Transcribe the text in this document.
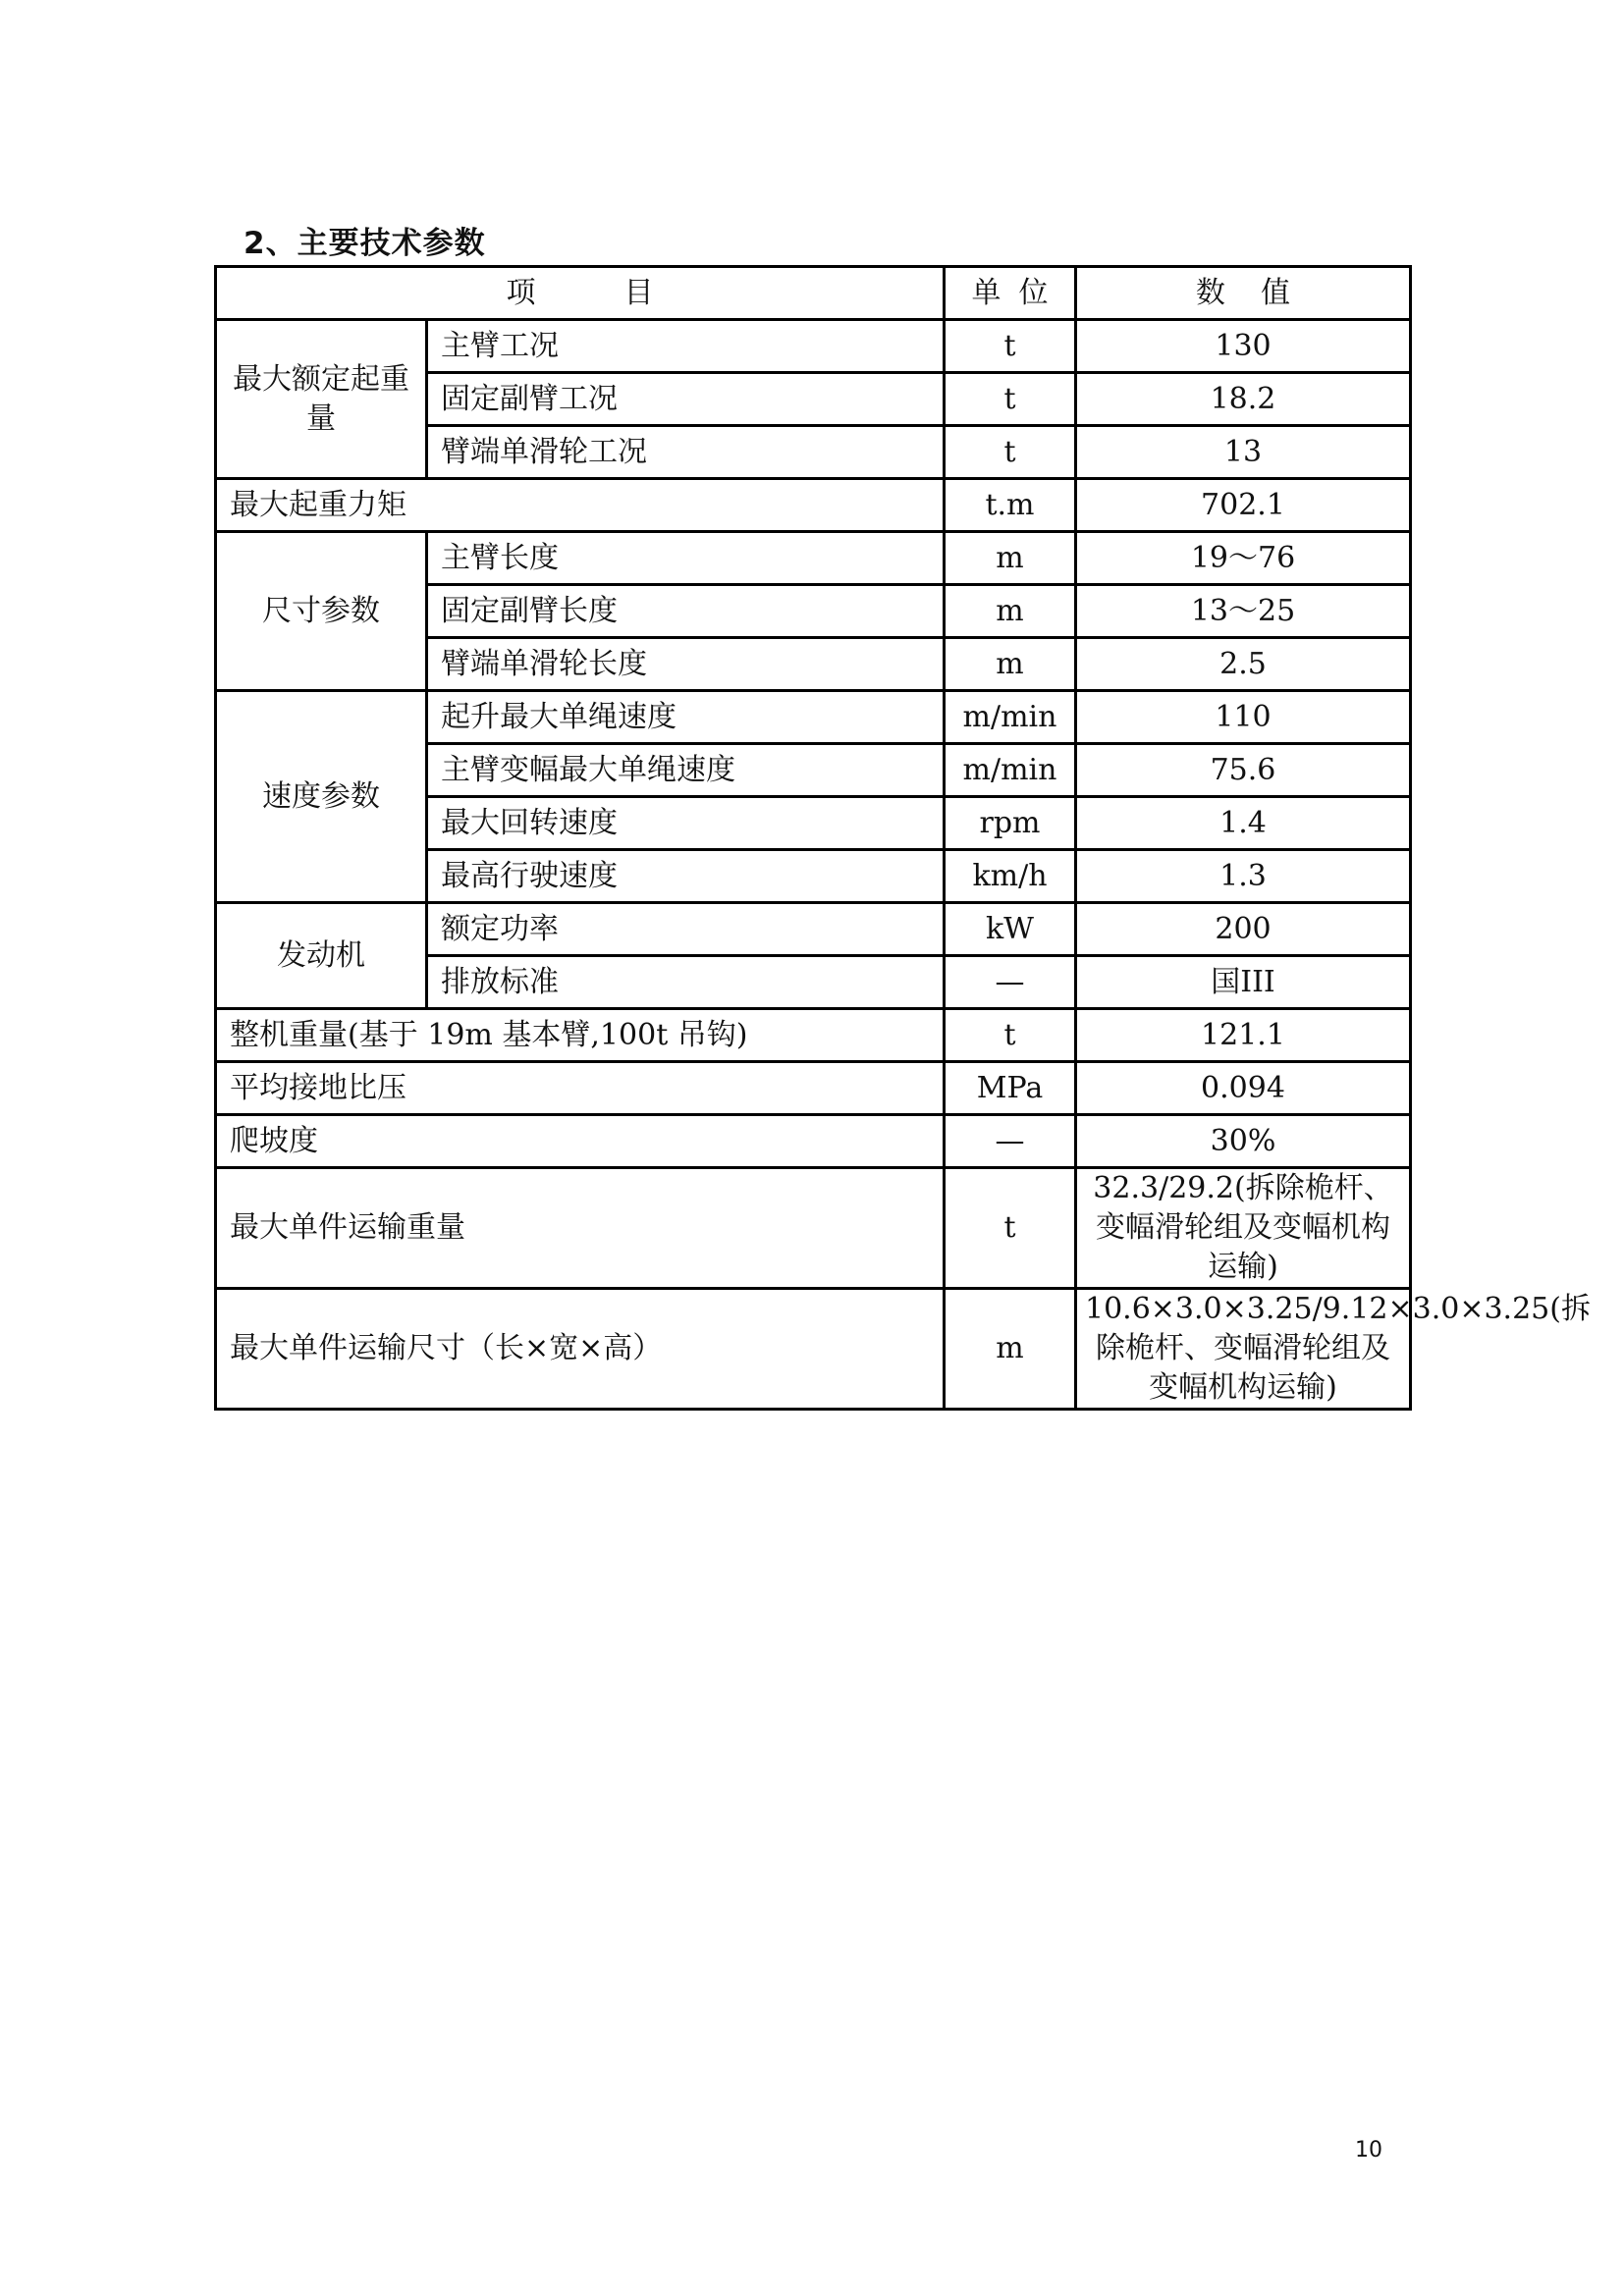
2、主要技术参数
项目		单位	数值
最大额定起重量	主臂工况	t	130
	固定副臂工况	t	18.2
	臂端单滑轮工况	t	13
最大起重力矩		t.m	702.1
尺寸参数	主臂长度	m	19～76
	固定副臂长度	m	13～25
	臂端单滑轮长度	m	2.5
速度参数	起升最大单绳速度	m/min	110
	主臂变幅最大单绳速度	m/min	75.6
	最大回转速度	rpm	1.4
	最高行驶速度	km/h	1.3
发动机	额定功率	kW	200
	排放标准	—	国III
整机重量(基于 19m 基本臂,100t 吊钩)		t	121.1
平均接地比压		MPa	0.094
爬坡度		—	30%
最大单件运输重量		t	32.3/29.2(拆除桅杆、变幅滑轮组及变幅机构运输)
最大单件运输尺寸（长×宽×高）		m	10.6×3.0×3.25/9.12×3.0×3.25(拆除桅杆、变幅滑轮组及变幅机构运输)
10
